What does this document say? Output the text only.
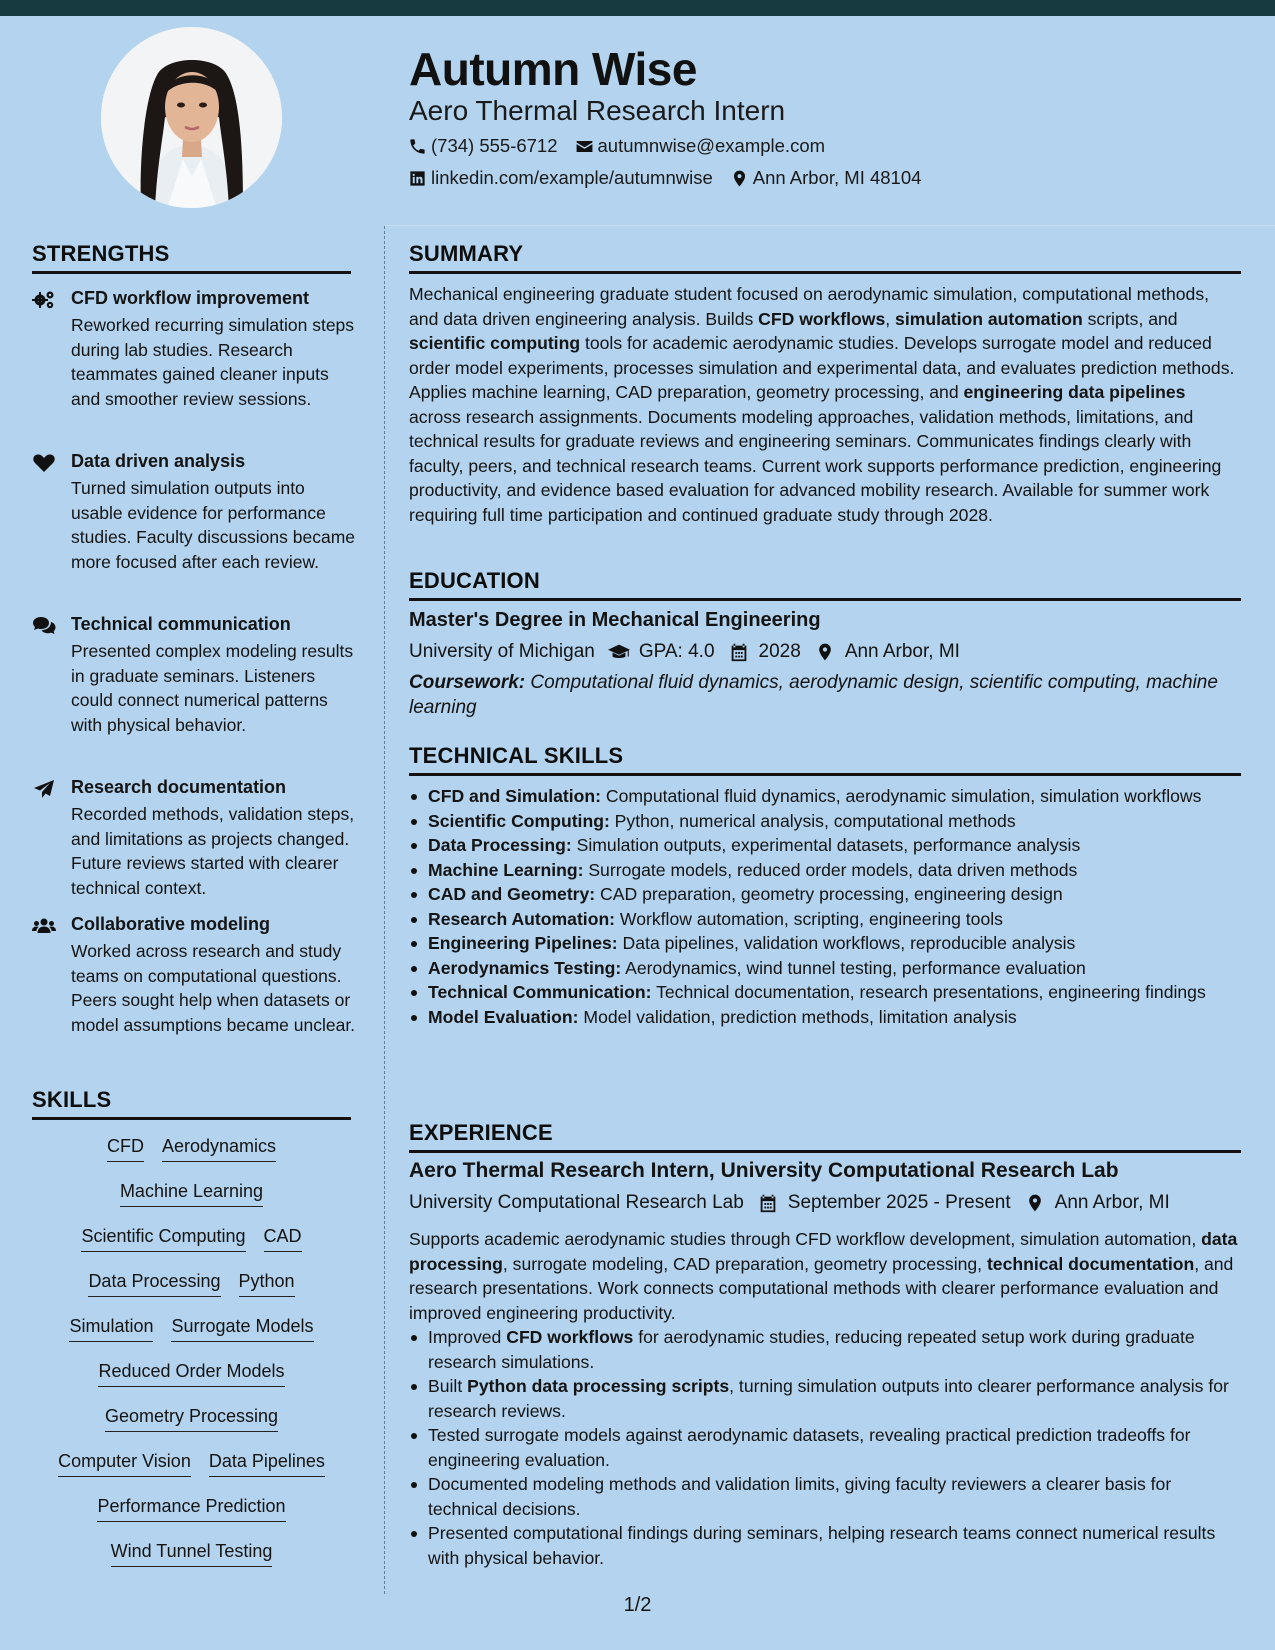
Autumn Wise
Aero Thermal Research Intern
(734) 555-6712 autumnwise@example.com
linkedin.com/example/autumnwise Ann Arbor, MI 48104
STRENGTHS
CFD workflow improvement
Reworked recurring simulation steps during lab studies. Research teammates gained cleaner inputs and smoother review sessions.
Data driven analysis
Turned simulation outputs into usable evidence for performance studies. Faculty discussions became more focused after each review.
Technical communication
Presented complex modeling results in graduate seminars. Listeners could connect numerical patterns with physical behavior.
Research documentation
Recorded methods, validation steps, and limitations as projects changed. Future reviews started with clearer technical context.
Collaborative modeling
Worked across research and study teams on computational questions. Peers sought help when datasets or model assumptions became unclear.
SKILLS
CFD Aerodynamics
Machine Learning
Scientific Computing CAD
Data Processing Python
Simulation Surrogate Models
Reduced Order Models
Geometry Processing
Computer Vision Data Pipelines
Performance Prediction
Wind Tunnel Testing
SUMMARY
Mechanical engineering graduate student focused on aerodynamic simulation, computational methods, and data driven engineering analysis. Builds CFD workflows, simulation automation scripts, and scientific computing tools for academic aerodynamic studies. Develops surrogate model and reduced order model experiments, processes simulation and experimental data, and evaluates prediction methods. Applies machine learning, CAD preparation, geometry processing, and engineering data pipelines across research assignments. Documents modeling approaches, validation methods, limitations, and technical results for graduate reviews and engineering seminars. Communicates findings clearly with faculty, peers, and technical research teams. Current work supports performance prediction, engineering productivity, and evidence based evaluation for advanced mobility research. Available for summer work requiring full time participation and continued graduate study through 2028.
EDUCATION
Master's Degree in Mechanical Engineering
University of Michigan GPA: 4.0 2028 Ann Arbor, MI
Coursework: Computational fluid dynamics, aerodynamic design, scientific computing, machine learning
TECHNICAL SKILLS
CFD and Simulation: Computational fluid dynamics, aerodynamic simulation, simulation workflows
Scientific Computing: Python, numerical analysis, computational methods
Data Processing: Simulation outputs, experimental datasets, performance analysis
Machine Learning: Surrogate models, reduced order models, data driven methods
CAD and Geometry: CAD preparation, geometry processing, engineering design
Research Automation: Workflow automation, scripting, engineering tools
Engineering Pipelines: Data pipelines, validation workflows, reproducible analysis
Aerodynamics Testing: Aerodynamics, wind tunnel testing, performance evaluation
Technical Communication: Technical documentation, research presentations, engineering findings
Model Evaluation: Model validation, prediction methods, limitation analysis
EXPERIENCE
Aero Thermal Research Intern, University Computational Research Lab
University Computational Research Lab September 2025 - Present Ann Arbor, MI
Supports academic aerodynamic studies through CFD workflow development, simulation automation, data processing, surrogate modeling, CAD preparation, geometry processing, technical documentation, and research presentations. Work connects computational methods with clearer performance evaluation and improved engineering productivity.
Improved CFD workflows for aerodynamic studies, reducing repeated setup work during graduate research simulations.
Built Python data processing scripts, turning simulation outputs into clearer performance analysis for research reviews.
Tested surrogate models against aerodynamic datasets, revealing practical prediction tradeoffs for engineering evaluation.
Documented modeling methods and validation limits, giving faculty reviewers a clearer basis for technical decisions.
Presented computational findings during seminars, helping research teams connect numerical results with physical behavior.
1/2
